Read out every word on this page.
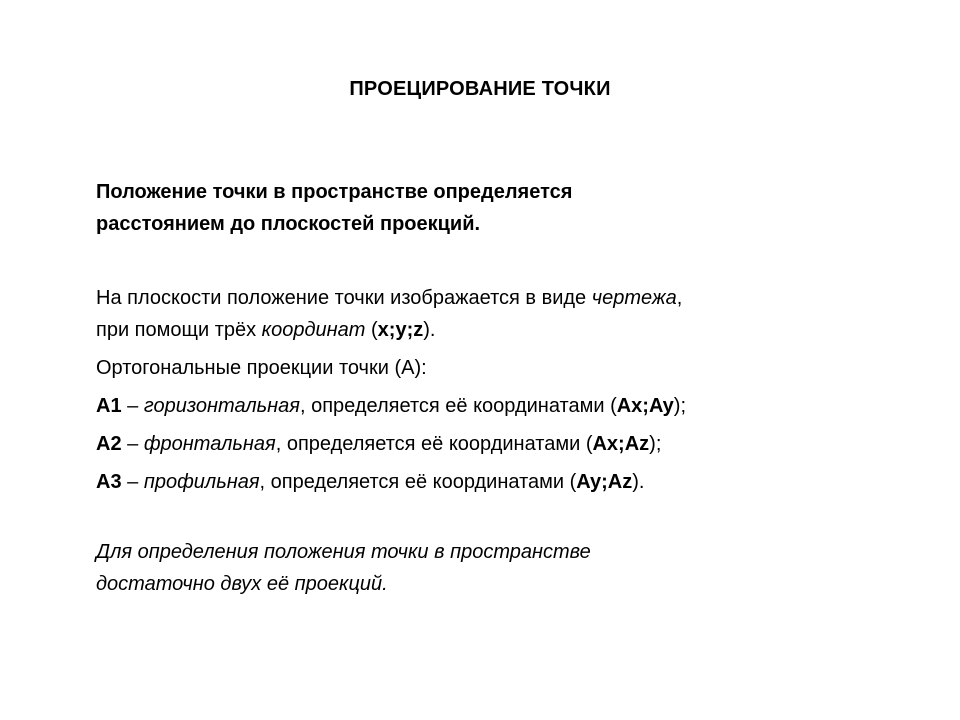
ПРОЕЦИРОВАНИЕ ТОЧКИ

Положение точки в пространстве определяется

расстоянием до плоскостей проекций.

На плоскости положение точки изображается в виде чертежа,

при помощи трёх координат (x;y;z).

Ортогональные проекции точки (А):

А1 – горизонтальная, определяется её координатами (Ax;Ay);

А2 – фронтальная, определяется её координатами (Ax;Az);

А3 – профильная, определяется её координатами (Ay;Az).

Для определения положения точки в пространстве

достаточно двух её проекций.
